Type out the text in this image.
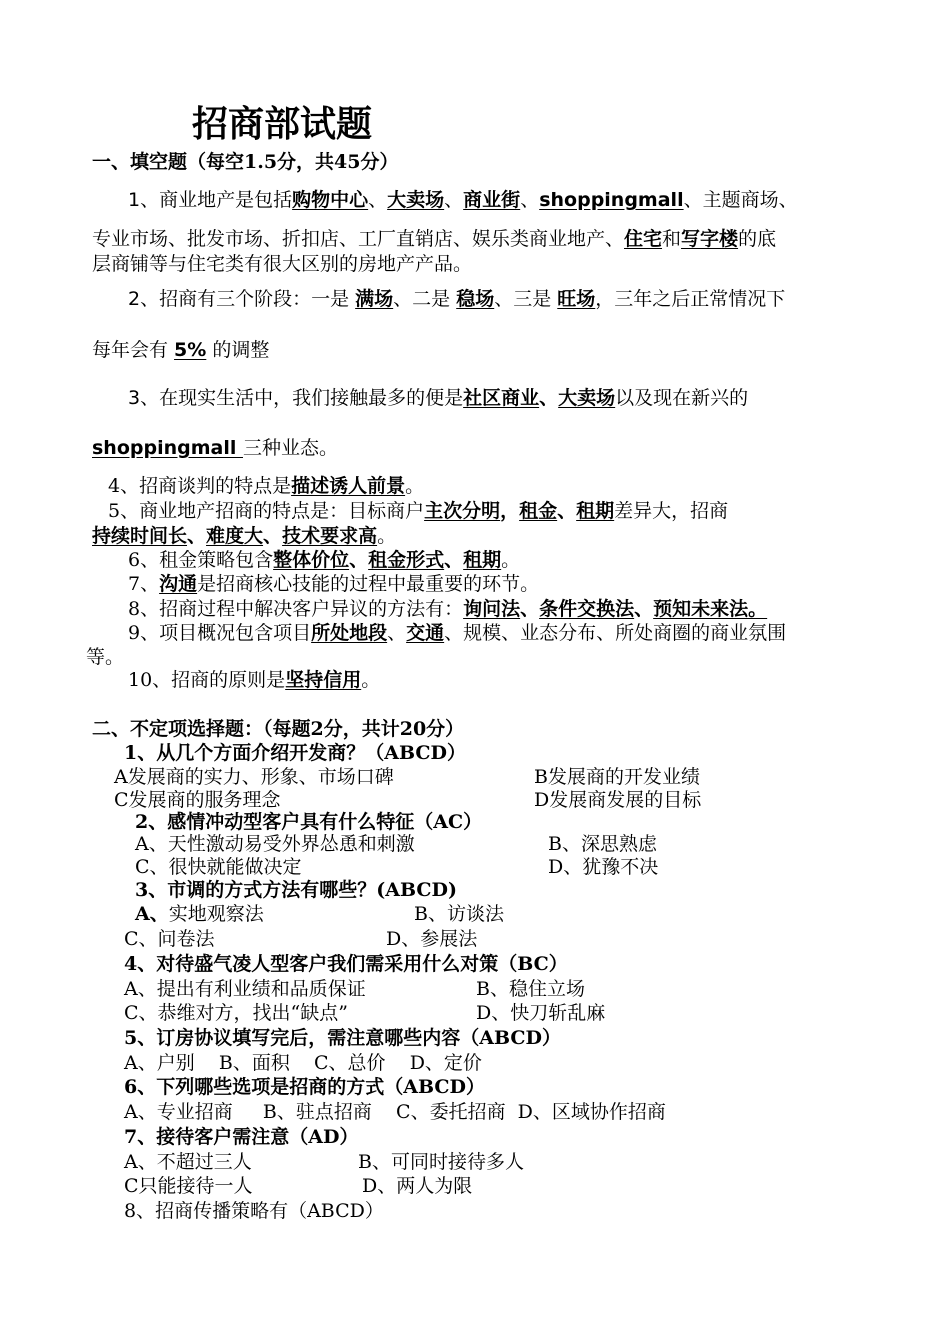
招商部试题
一、填空题（每空1.5分，共45分）
1、商业地产是包括购物中心、大卖场、商业街、shoppingmall、主题商场、
专业市场、批发市场、折扣店、工厂直销店、娱乐类商业地产、住宅和写字楼的底
层商铺等与住宅类有很大区别的房地产产品。
2、招商有三个阶段：一是 满场、二是 稳场、三是 旺场，三年之后正常情况下
每年会有 5% 的调整
3、在现实生活中，我们接触最多的便是社区商业、大卖场以及现在新兴的
shoppingmall 三种业态。
4、招商谈判的特点是描述诱人前景。
5、商业地产招商的特点是：目标商户主次分明，租金、租期差异大，招商
持续时间长、难度大、技术要求高。
6、租金策略包含整体价位、租金形式、租期。
7、沟通是招商核心技能的过程中最重要的环节。
8、招商过程中解决客户异议的方法有：询问法、条件交换法、预知未来法。
9、项目概况包含项目所处地段、交通、规模、业态分布、所处商圈的商业氛围
等。
10、招商的原则是坚持信用。
二、不定项选择题：（每题2分，共计20分）
1、从几个方面介绍开发商？（ABCD）
A发展商的实力、形象、市场口碑	B发展商的开发业绩
C发展商的服务理念	D发展商发展的目标
2、感情冲动型客户具有什么特征（AC）
A、天性激动易受外界怂恿和刺激	B、深思熟虑
C、很快就能做决定	D、犹豫不决
3、市调的方式方法有哪些？(ABCD)
A、实地观察法	B、访谈法
C、问卷法	D、参展法
4、对待盛气凌人型客户我们需采用什么对策（BC）
A、提出有利业绩和品质保证	B、稳住立场
C、恭维对方，找出“缺点”	D、快刀斩乱麻
5、订房协议填写完后，需注意哪些内容（ABCD）
A、户别    B、面积    C、总价    D、定价
6、下列哪些选项是招商的方式（ABCD）
A、专业招商     B、驻点招商    C、委托招商  D、区域协作招商
7、接待客户需注意（AD）
A、不超过三人	B、可同时接待多人
C只能接待一人	D、两人为限
8、招商传播策略有（ABCD）
